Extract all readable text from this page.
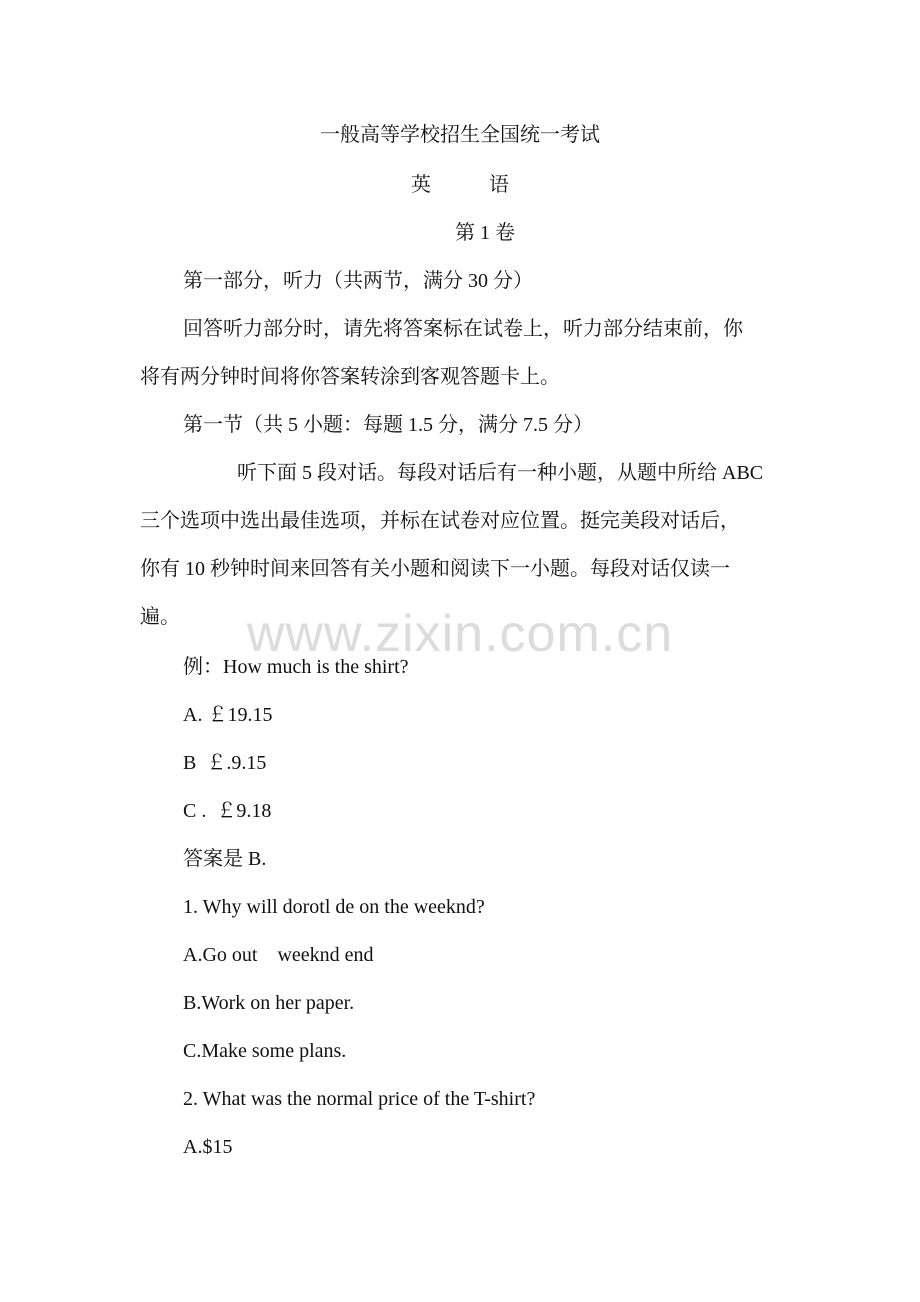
www.zixin.com.cn
一般高等学校招生全国统一考试
英	语
第 1 卷
第一部分，听力（共两节，满分 30 分）
回答听力部分时，请先将答案标在试卷上，听力部分结束前，你
将有两分钟时间将你答案转涂到客观答题卡上。
第一节（共 5 小题：每题 1.5 分，满分 7.5 分）
听下面 5 段对话。每段对话后有一种小题，从题中所给 ABC
三个选项中选出最佳选项，并标在试卷对应位置。挺完美段对话后，
你有 10 秒钟时间来回答有关小题和阅读下一小题。每段对话仅读一
遍。
例：How much is the shirt?
A. ￡19.15
B  ￡.9.15
C .  ￡9.18
答案是 B.
1. Why will dorotl de on the weeknd?
A.Go out    weeknd end
B.Work on her paper.
C.Make some plans.
2. What was the normal price of the T-shirt?
A.$15
